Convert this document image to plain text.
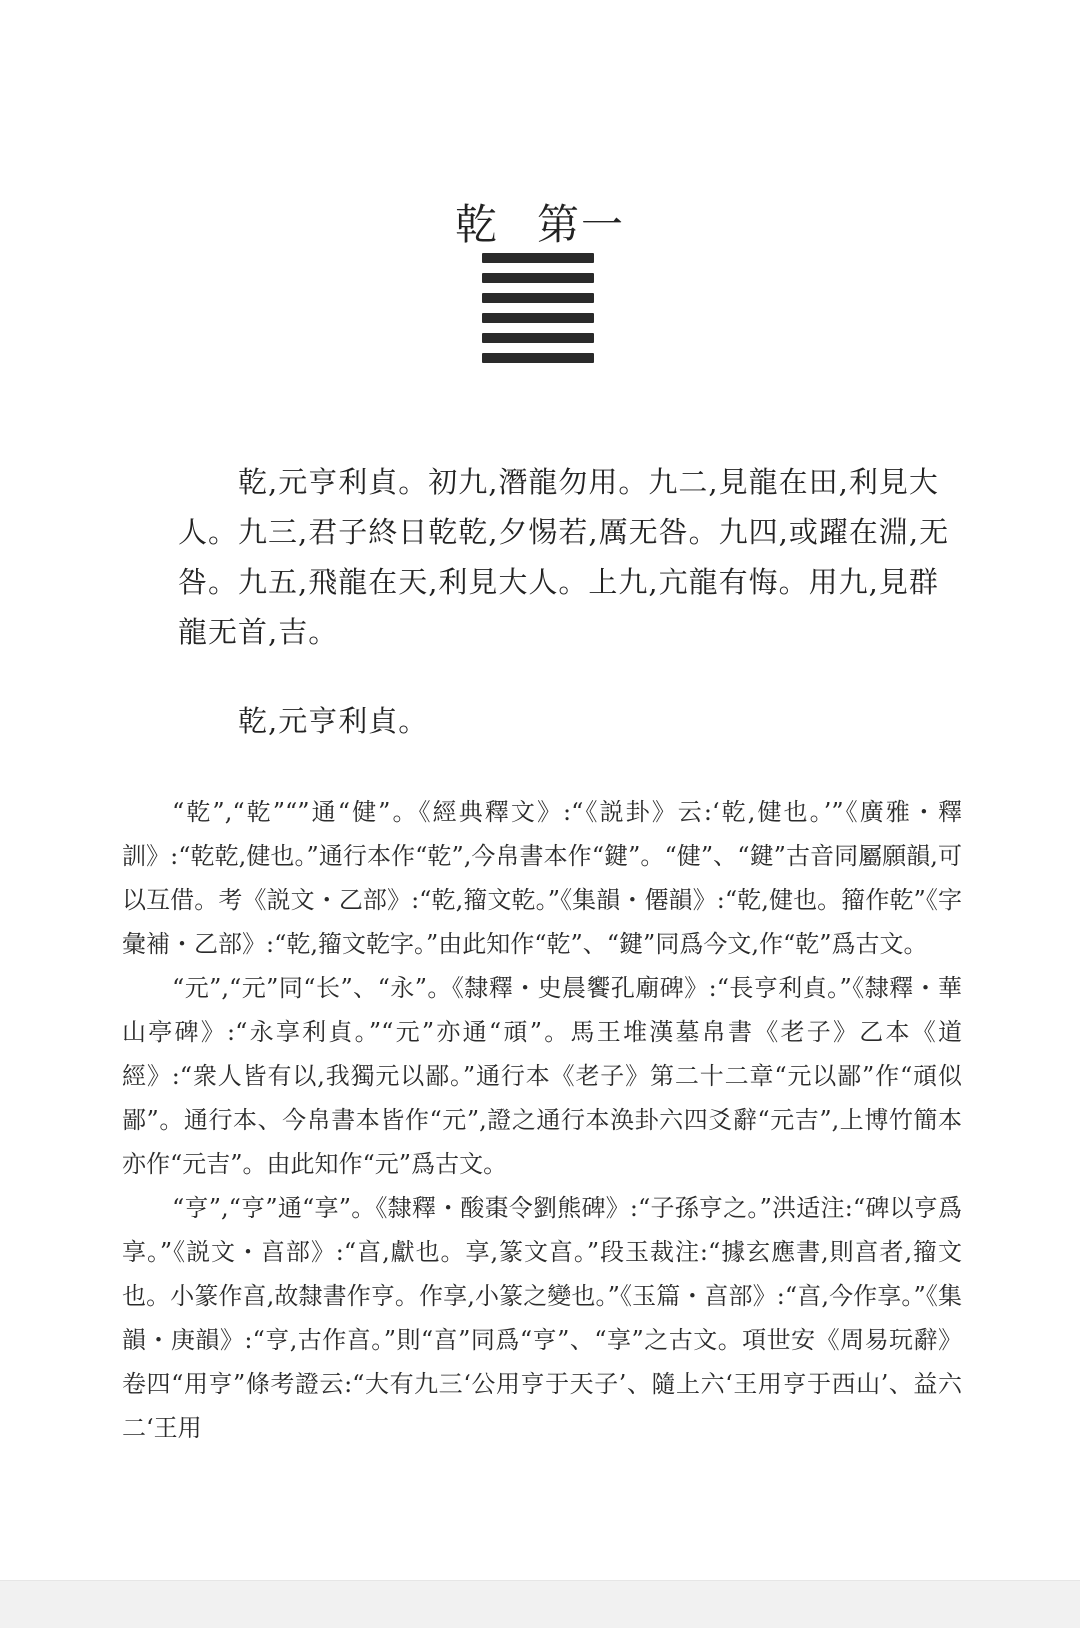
乾 第一
乾,元亨利貞。初九,潛龍勿用。九二,見龍在田,利見大人。九三,君子終日乾乾,夕惕若,厲无咎。九四,或躍在淵,无咎。九五,飛龍在天,利見大人。上九,亢龍有悔。用九,見群龍无首,吉。
乾,元亨利貞。

“乾”,“乾”“”通“健”。《經典釋文》:“《説卦》云:‘乾,健也。’”《廣雅・釋訓》:“乾乾,健也。”通行本作“乾”,今帛書本作“鍵”。“健”、“鍵”古音同屬願韻,可以互借。考《説文・乙部》:“乾,籀文乾。”《集韻・僊韻》:“乾,健也。籀作乾”《字彙補・乙部》:“乾,籀文乾字。”由此知作“乾”、“鍵”同爲今文,作“乾”爲古文。

“元”,“元”同“长”、“永”。《隸釋・史晨饗孔廟碑》:“長亨利貞。”《隸釋・華山亭碑》:“永享利貞。”“元”亦通“頑”。馬王堆漢墓帛書《老子》乙本《道經》:“衆人皆有以,我獨元以鄙。”通行本《老子》第二十二章“元以鄙”作“頑似鄙”。通行本、今帛書本皆作“元”,證之通行本涣卦六四爻辭“元吉”,上博竹簡本亦作“元吉”。由此知作“元”爲古文。

“亨”,“亨”通“享”。《隸釋・酸棗令劉熊碑》:“子孫亨之。”洪适注:“碑以亨爲享。”《説文・亯部》:“亯,獻也。享,篆文亯。”段玉裁注:“據玄應書,則亯者,籀文也。小篆作亯,故隸書作亨。作享,小篆之變也。”《玉篇・亯部》:“亯,今作享。”《集韻・庚韻》:“亨,古作亯。”則“亯”同爲“亨”、“享”之古文。項世安《周易玩辭》卷四“用亨”條考證云:“大有九三‘公用亨于天子’、隨上六‘王用亨于西山’、益六二‘王用
